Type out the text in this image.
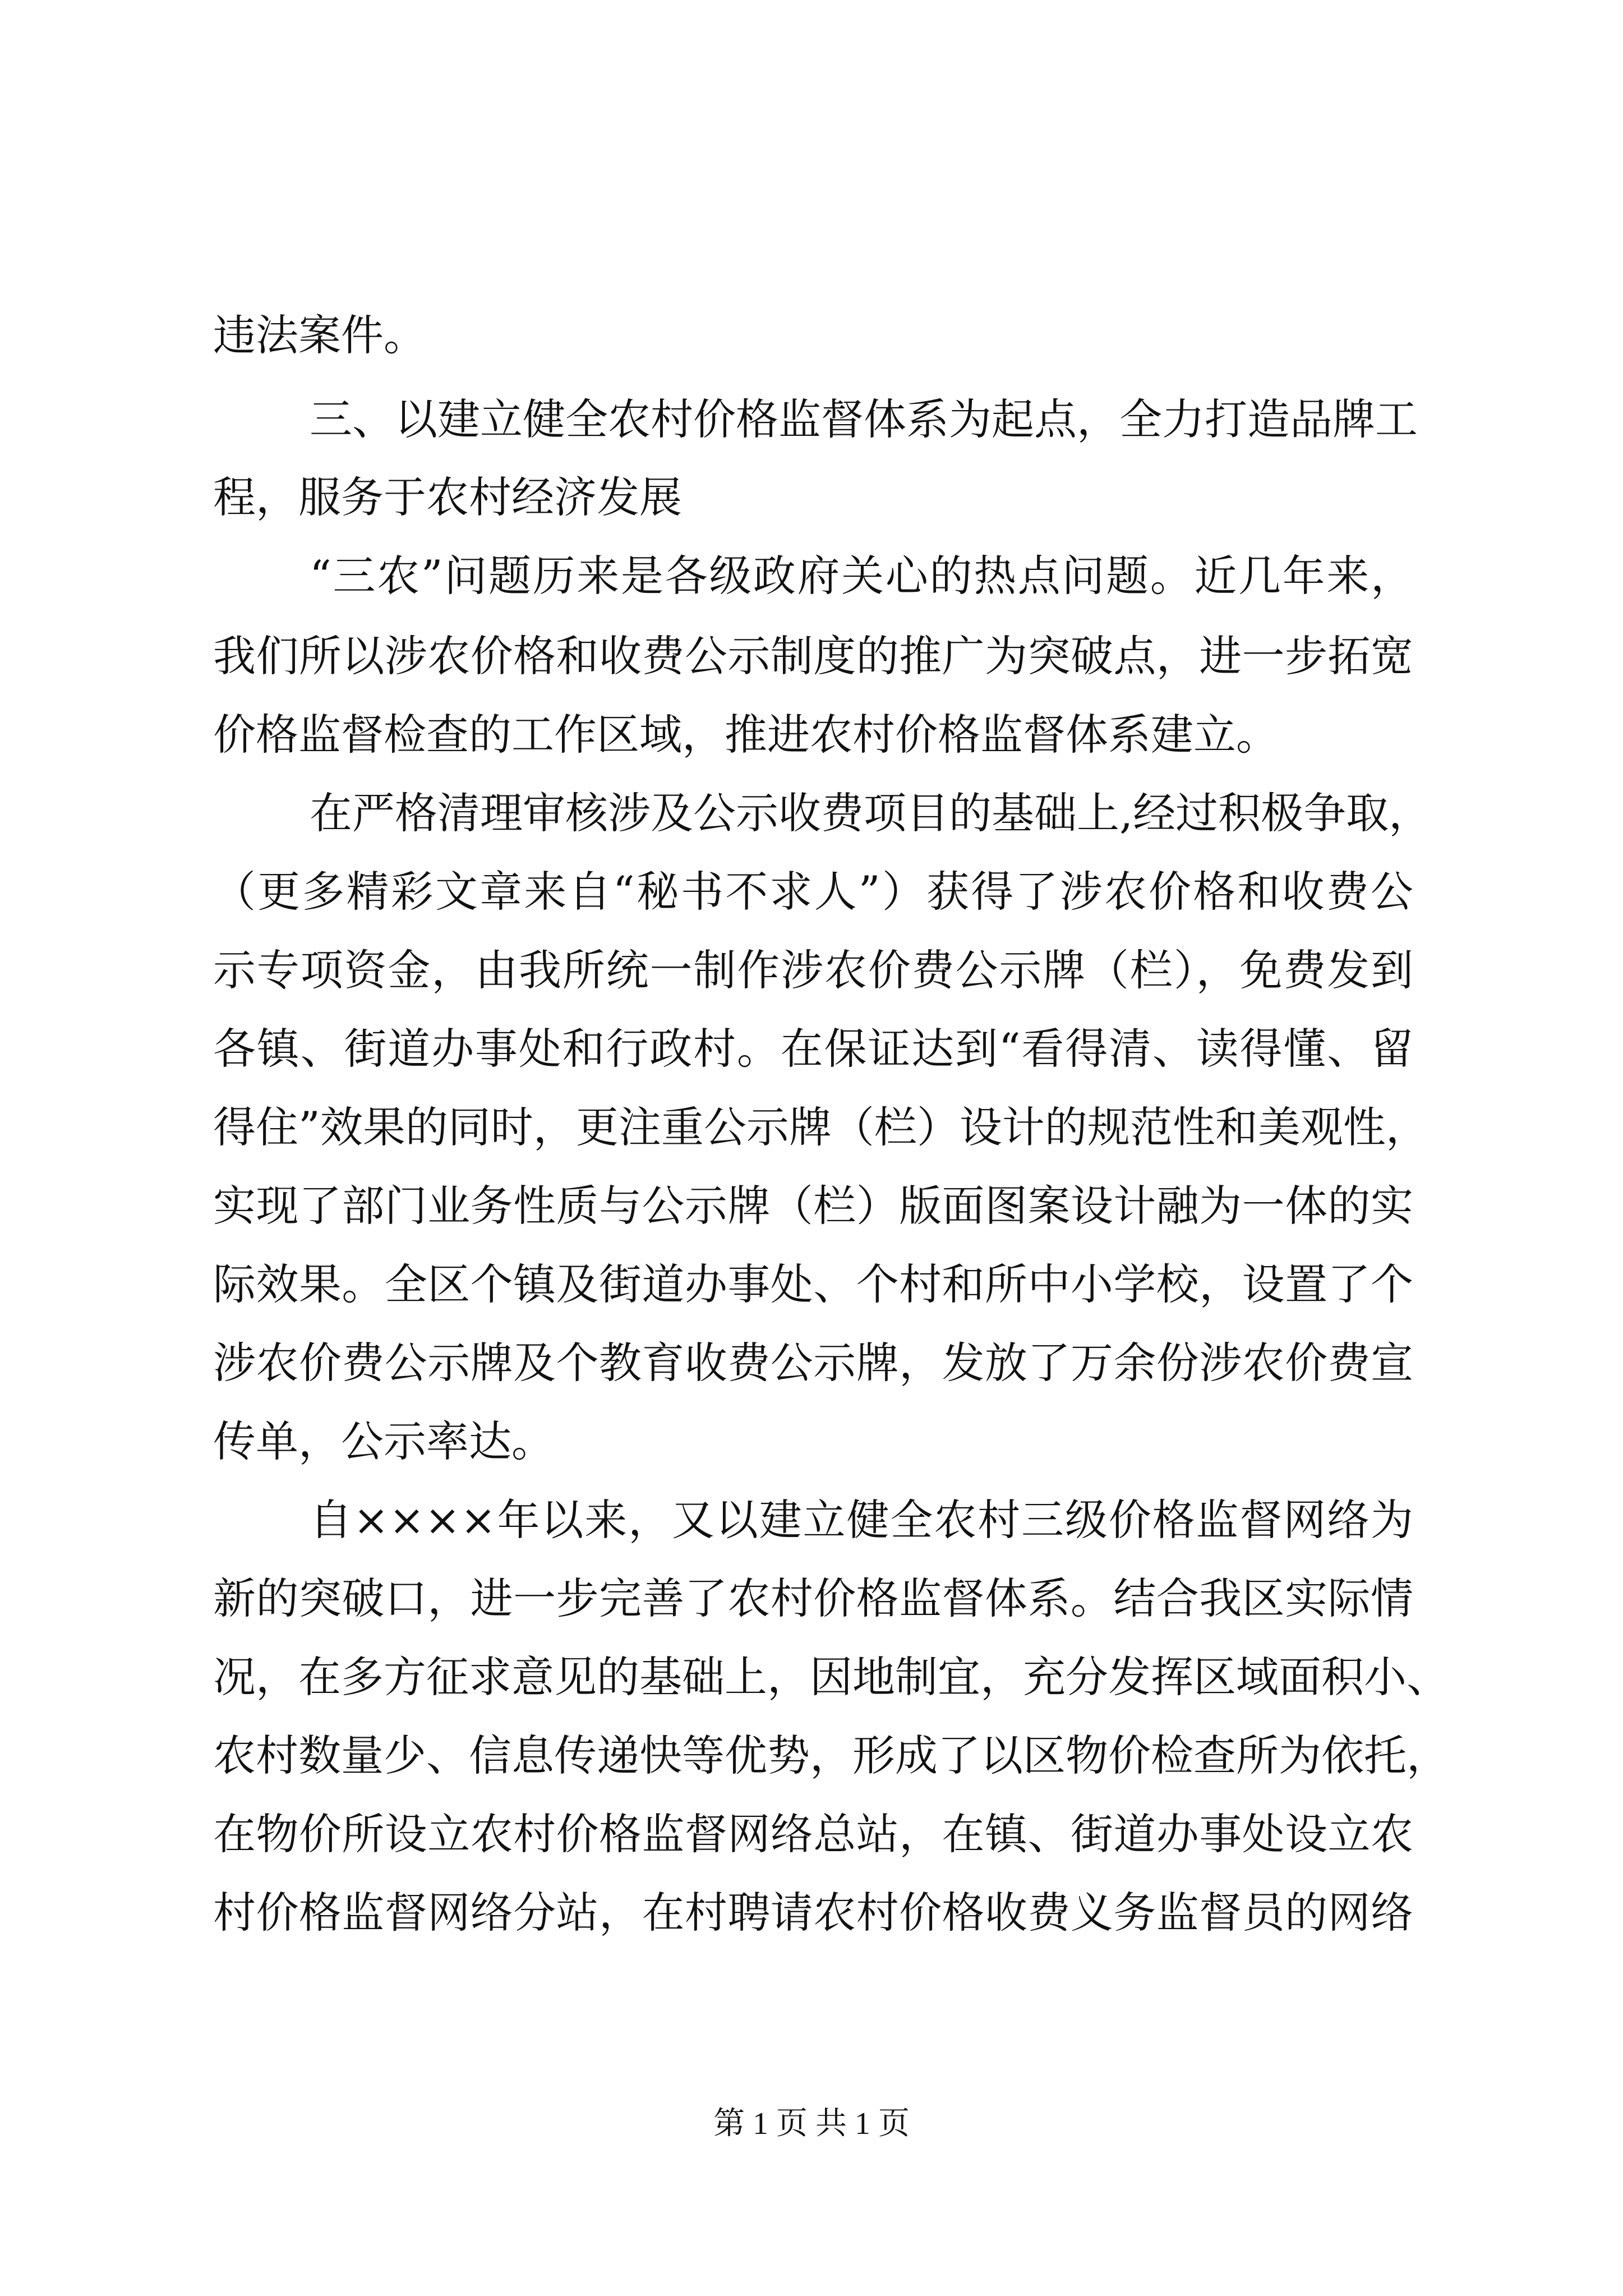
违法案件。
三、以建立健全农村价格监督体系为起点，全力打造品牌工
程，服务于农村经济发展
“三农”问题历来是各级政府关心的热点问题。近几年来，
我们所以涉农价格和收费公示制度的推广为突破点，进一步拓宽
价格监督检查的工作区域，推进农村价格监督体系建立。
在严格清理审核涉及公示收费项目的基础上,经过积极争取，
（更多精彩文章来自“秘书不求人”）获得了涉农价格和收费公
示专项资金，由我所统一制作涉农价费公示牌（栏），免费发到
各镇、街道办事处和行政村。在保证达到“看得清、读得懂、留
得住”效果的同时，更注重公示牌（栏）设计的规范性和美观性，
实现了部门业务性质与公示牌（栏）版面图案设计融为一体的实
际效果。全区个镇及街道办事处、个村和所中小学校，设置了个
涉农价费公示牌及个教育收费公示牌，发放了万余份涉农价费宣
传单，公示率达。
自××××年以来，又以建立健全农村三级价格监督网络为
新的突破口，进一步完善了农村价格监督体系。结合我区实际情
况，在多方征求意见的基础上，因地制宜，充分发挥区域面积小、
农村数量少、信息传递快等优势，形成了以区物价检查所为依托，
在物价所设立农村价格监督网络总站，在镇、街道办事处设立农
村价格监督网络分站，在村聘请农村价格收费义务监督员的网络
第 1 页 共 1 页
